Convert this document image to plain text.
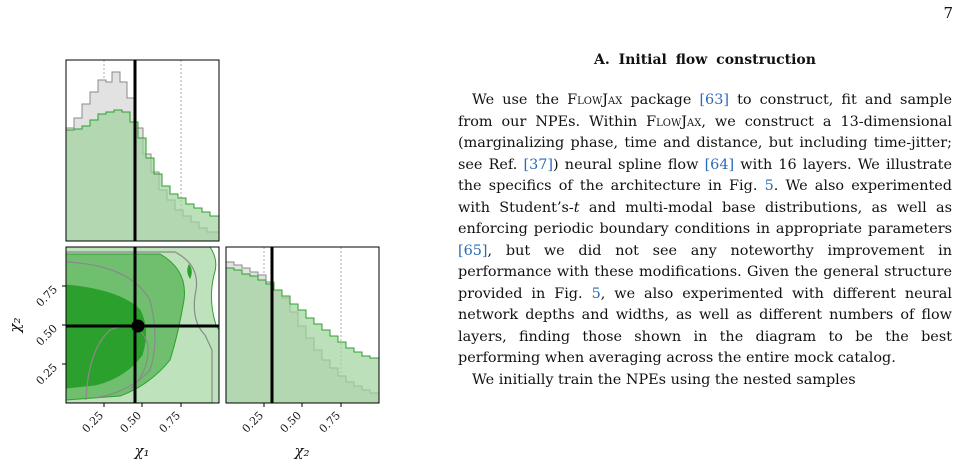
7
0.25 0.50 0.75	0.25 0.50 0.75
0.25
0.50
0.75
χ₁	χ₂
χ₂
A. Initial flow construction

We use the FlowJax package [63] to construct, fit and sample from our NPEs. Within FlowJax, we construct a 13-dimensional (marginalizing phase, time and distance, but including time-jitter; see Ref. [37]) neural spline flow [64] with 16 layers. We illustrate the specifics of the architecture in Fig. 5. We also experimented with Student’s-t and multi-modal base distributions, as well as enforcing periodic boundary conditions in appropriate parameters [65], but we did not see any noteworthy improvement in performance with these modifications. Given the general structure provided in Fig. 5, we also experimented with different neural network depths and widths, as well as different numbers of flow layers, finding those shown in the diagram to be the best performing when averaging across the entire mock catalog.

We initially train the NPEs using the nested samples
